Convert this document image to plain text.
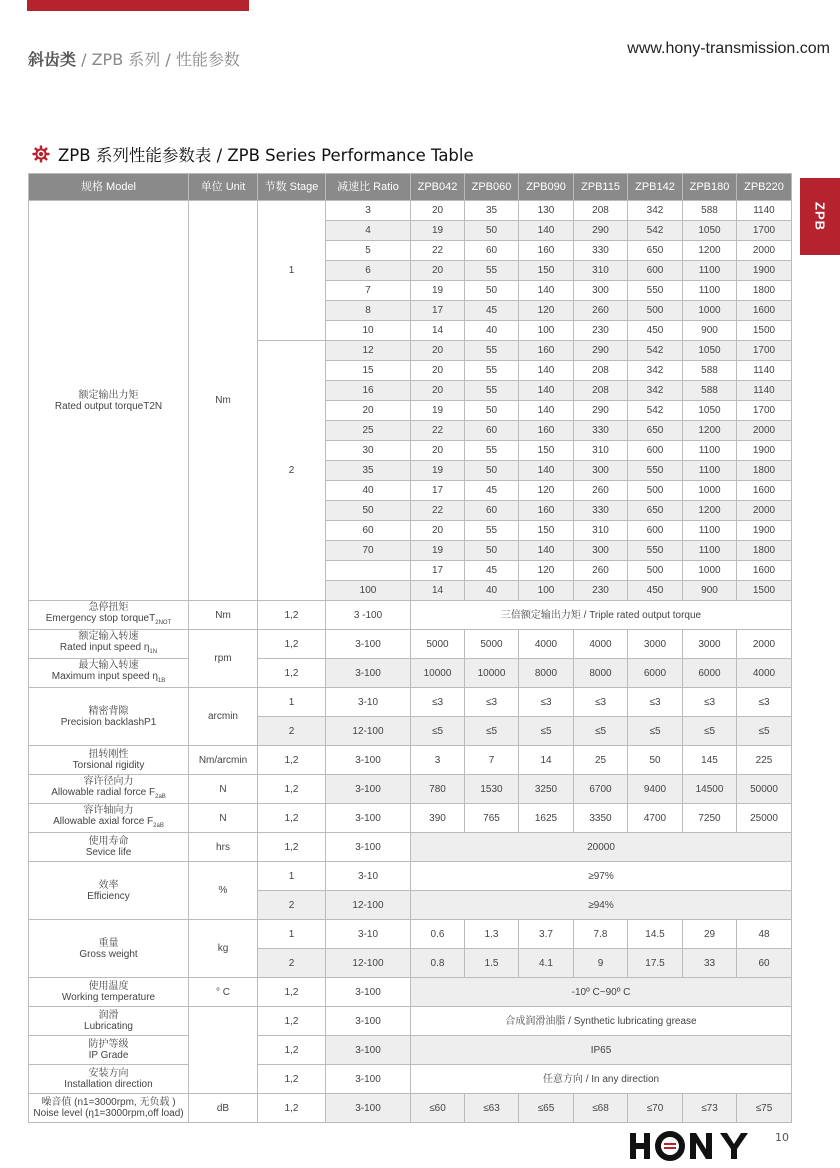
斜齿类 / ZPB 系列 / 性能参数
www.hony-transmission.com
ZPB
ZPB 系列性能参数表 / ZPB Series Performance Table
规格 Model	单位 Unit	节数 Stage	减速比 Ratio	ZPB042	ZPB060	ZPB090	ZPB115	ZPB142	ZPB180	ZPB220

额定输出力矩
Rated output torqueT2N	Nm	1	3	20	35	130	208	342	588	1140
			4	19	50	140	290	542	1050	1700
			5	22	60	160	330	650	1200	2000
			6	20	55	150	310	600	1100	1900
			7	19	50	140	300	550	1100	1800
			8	17	45	120	260	500	1000	1600
			10	14	40	100	230	450	900	1500
		2	12	20	55	160	290	542	1050	1700
			15	20	55	140	208	342	588	1140
			16	20	55	140	208	342	588	1140
			20	19	50	140	290	542	1050	1700
			25	22	60	160	330	650	1200	2000
			30	20	55	150	310	600	1100	1900
			35	19	50	140	300	550	1100	1800
			40	17	45	120	260	500	1000	1600
			50	22	60	160	330	650	1200	2000
			60	20	55	150	310	600	1100	1900
			70	19	50	140	300	550	1100	1800
				17	45	120	260	500	1000	1600
			100	14	40	100	230	450	900	1500

急停扭矩
Emergency stop torqueT$_{2NOT}$	Nm	1,2	3 -100	三倍额定输出力矩 / Triple rated output torque						

额定输入转速
Rated input speed $\eta_{1N}$	rpm	1,2	3-100	5000	5000	4000	4000	3000	3000	2000

最大输入转速
Maximum input speed $\eta_{1B}$		1,2	3-100	10000	10000	8000	8000	6000	6000	4000

精密背隙
Precision backlashP1	arcmin	1	3-10	≤3	≤3	≤3	≤3	≤3	≤3	≤3
		2	12-100	≤5	≤5	≤5	≤5	≤5	≤5	≤5

扭转刚性
Torsional rigidity	Nm/arcmin	1,2	3-100	3	7	14	25	50	145	225

容许径向力
Allowable radial force $F_{2aB}$	N	1,2	3-100	780	1530	3250	6700	9400	14500	50000

容许轴向力
Allowable axial force $F_{2aB}$	N	1,2	3-100	390	765	1625	3350	4700	7250	25000

使用寿命
Sevice life	hrs	1,2	3-100	20000						

效率
Efficiency	%	1	3-10	≥97%						
		2	12-100	≥94%						

重量
Gross weight	kg	1	3-10	0.6	1.3	3.7	7.8	14.5	29	48
		2	12-100	0.8	1.5	4.1	9	17.5	33	60

使用温度
Working temperature	° C	1,2	3-100	-10º C~90º C						

润滑
Lubricating		1,2	3-100	合成润滑油脂 / Synthetic lubricating grease						

防护等级
IP Grade		1,2	3-100	IP65						

安装方向
Installation direction		1,2	3-100	任意方向 / In any direction						

噪音值 (n1=3000rpm, 无负载 )
Noise level (η1=3000rpm,off load)	dB	1,2	3-100	≤60	≤63	≤65	≤68	≤70	≤73	≤75
10
